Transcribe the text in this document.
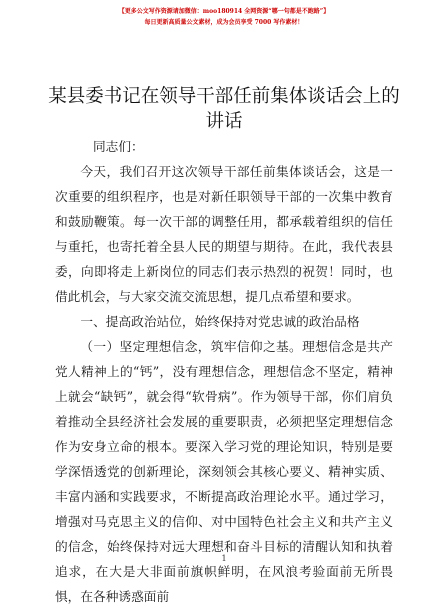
【更多公文写作资源请加微信：moo180914 全网资源“哪一句都是不跑路”】
每日更新高质量公文素材，成为会员享受 7000 写作素材！
某县委书记在领导干部任前集体谈话会上的讲话

同志们：

今天，我们召开这次领导干部任前集体谈话会，这是一次重要的组织程序，也是对新任职领导干部的一次集中教育和鼓励鞭策。每一次干部的调整任用，都承载着组织的信任与重托，也寄托着全县人民的期望与期待。在此，我代表县委，向即将走上新岗位的同志们表示热烈的祝贺！同时，也借此机会，与大家交流交流思想，提几点希望和要求。

一、提高政治站位，始终保持对党忠诚的政治品格

（一）坚定理想信念，筑牢信仰之基。理想信念是共产党人精神上的“钙”，没有理想信念，理想信念不坚定，精神上就会“缺钙”，就会得“软骨病”。作为领导干部，你们肩负着推动全县经济社会发展的重要职责，必须把坚定理想信念作为安身立命的根本。要深入学习党的理论知识，特别是要学深悟透党的创新理论，深刻领会其核心要义、精神实质、丰富内涵和实践要求，不断提高政治理论水平。通过学习，增强对马克思主义的信仰、对中国特色社会主义和共产主义的信念，始终保持对远大理想和奋斗目标的清醒认知和执着追求，在大是大非面前旗帜鲜明，在风浪考验面前无所畏惧，在各种诱惑面前

1
